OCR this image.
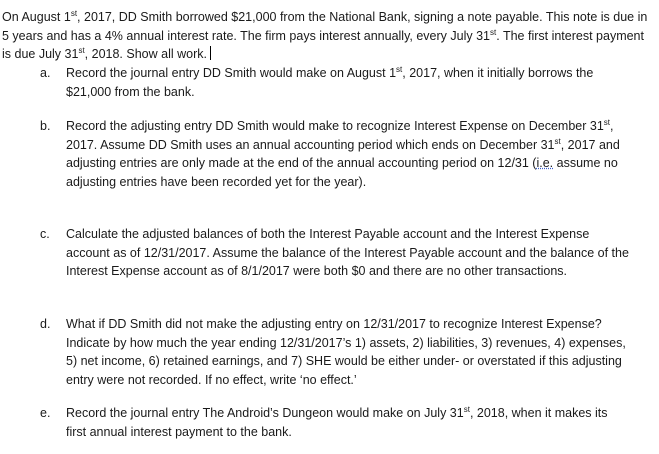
On August 1st, 2017, DD Smith borrowed $21,000 from the National Bank, signing a note payable. This note is due in 5 years and has a 4% annual interest rate. The firm pays interest annually, every July 31st. The first interest payment is due July 31st, 2018. Show all work.

a.	Record the journal entry DD Smith would make on August 1st, 2017, when it initially borrows the $21,000 from the bank.
b.	Record the adjusting entry DD Smith would make to recognize Interest Expense on December 31st, 2017. Assume DD Smith uses an annual accounting period which ends on December 31st, 2017 and adjusting entries are only made at the end of the annual accounting period on 12/31 (i.e. assume no adjusting entries have been recorded yet for the year).
c.	Calculate the adjusted balances of both the Interest Payable account and the Interest Expense account as of 12/31/2017. Assume the balance of the Interest Payable account and the balance of the Interest Expense account as of 8/1/2017 were both $0 and there are no other transactions.
d.	What if DD Smith did not make the adjusting entry on 12/31/2017 to recognize Interest Expense? Indicate by how much the year ending 12/31/2017’s 1) assets, 2) liabilities, 3) revenues, 4) expenses, 5) net income, 6) retained earnings, and 7) SHE would be either under- or overstated if this adjusting entry were not recorded. If no effect, write ‘no effect.’
e.	Record the journal entry The Android’s Dungeon would make on July 31st, 2018, when it makes its first annual interest payment to the bank.
